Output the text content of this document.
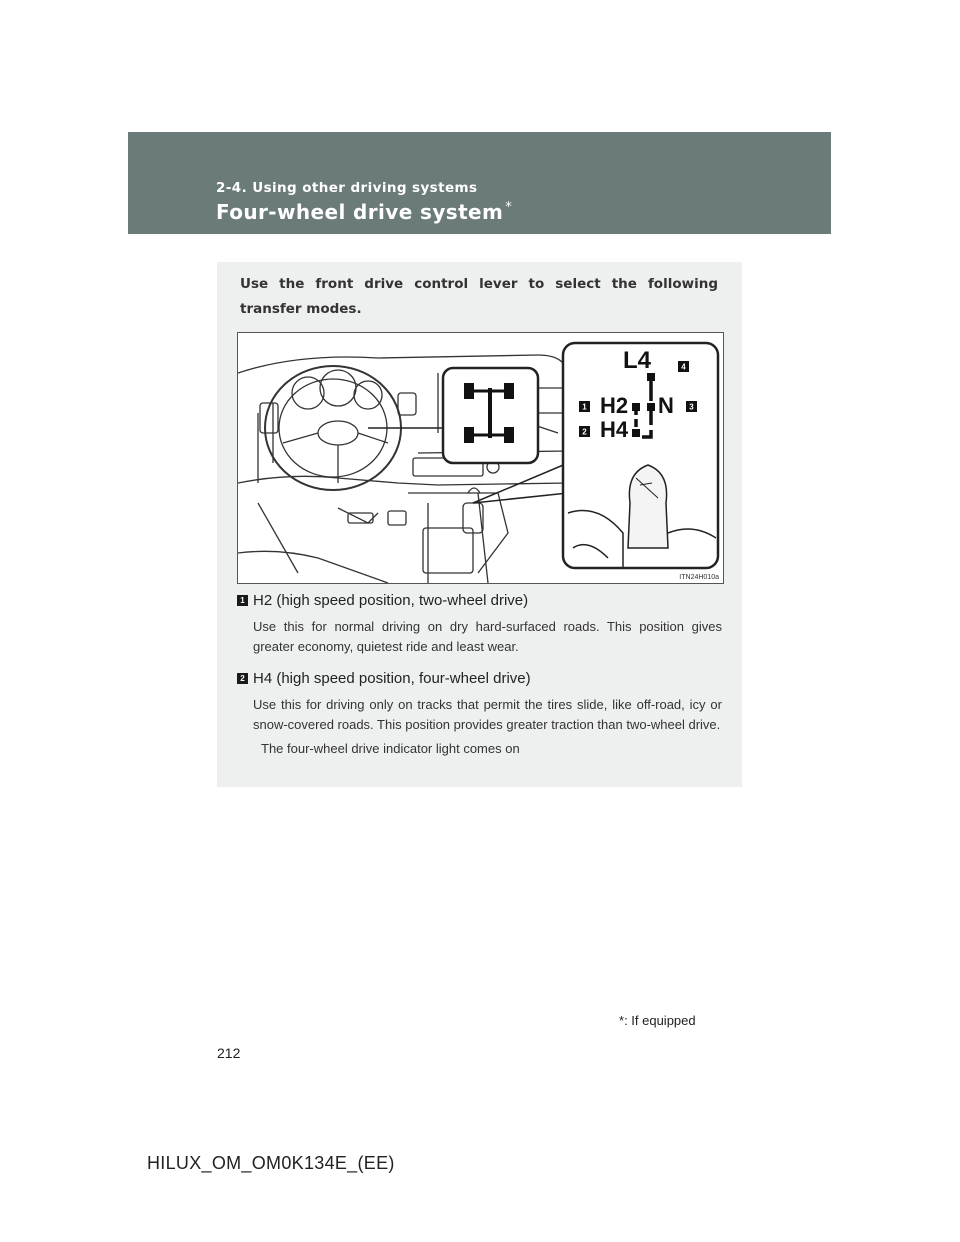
2-4. Using other driving systems
Four-wheel drive system *
Use the front drive control lever to select the following transfer modes.
L4
H2 N
H4
4
1	3
2
ITN24H010a
1 H2 (high speed position, two-wheel drive)
Use this for normal driving on dry hard-surfaced roads. This position gives greater economy, quietest ride and least wear.
2 H4 (high speed position, four-wheel drive)
Use this for driving only on tracks that permit the tires slide, like off-road, icy or snow-covered roads. This position provides greater traction than two-wheel drive.
The four-wheel drive indicator light comes on
*: If equipped
212
HILUX_OM_OM0K134E_(EE)
